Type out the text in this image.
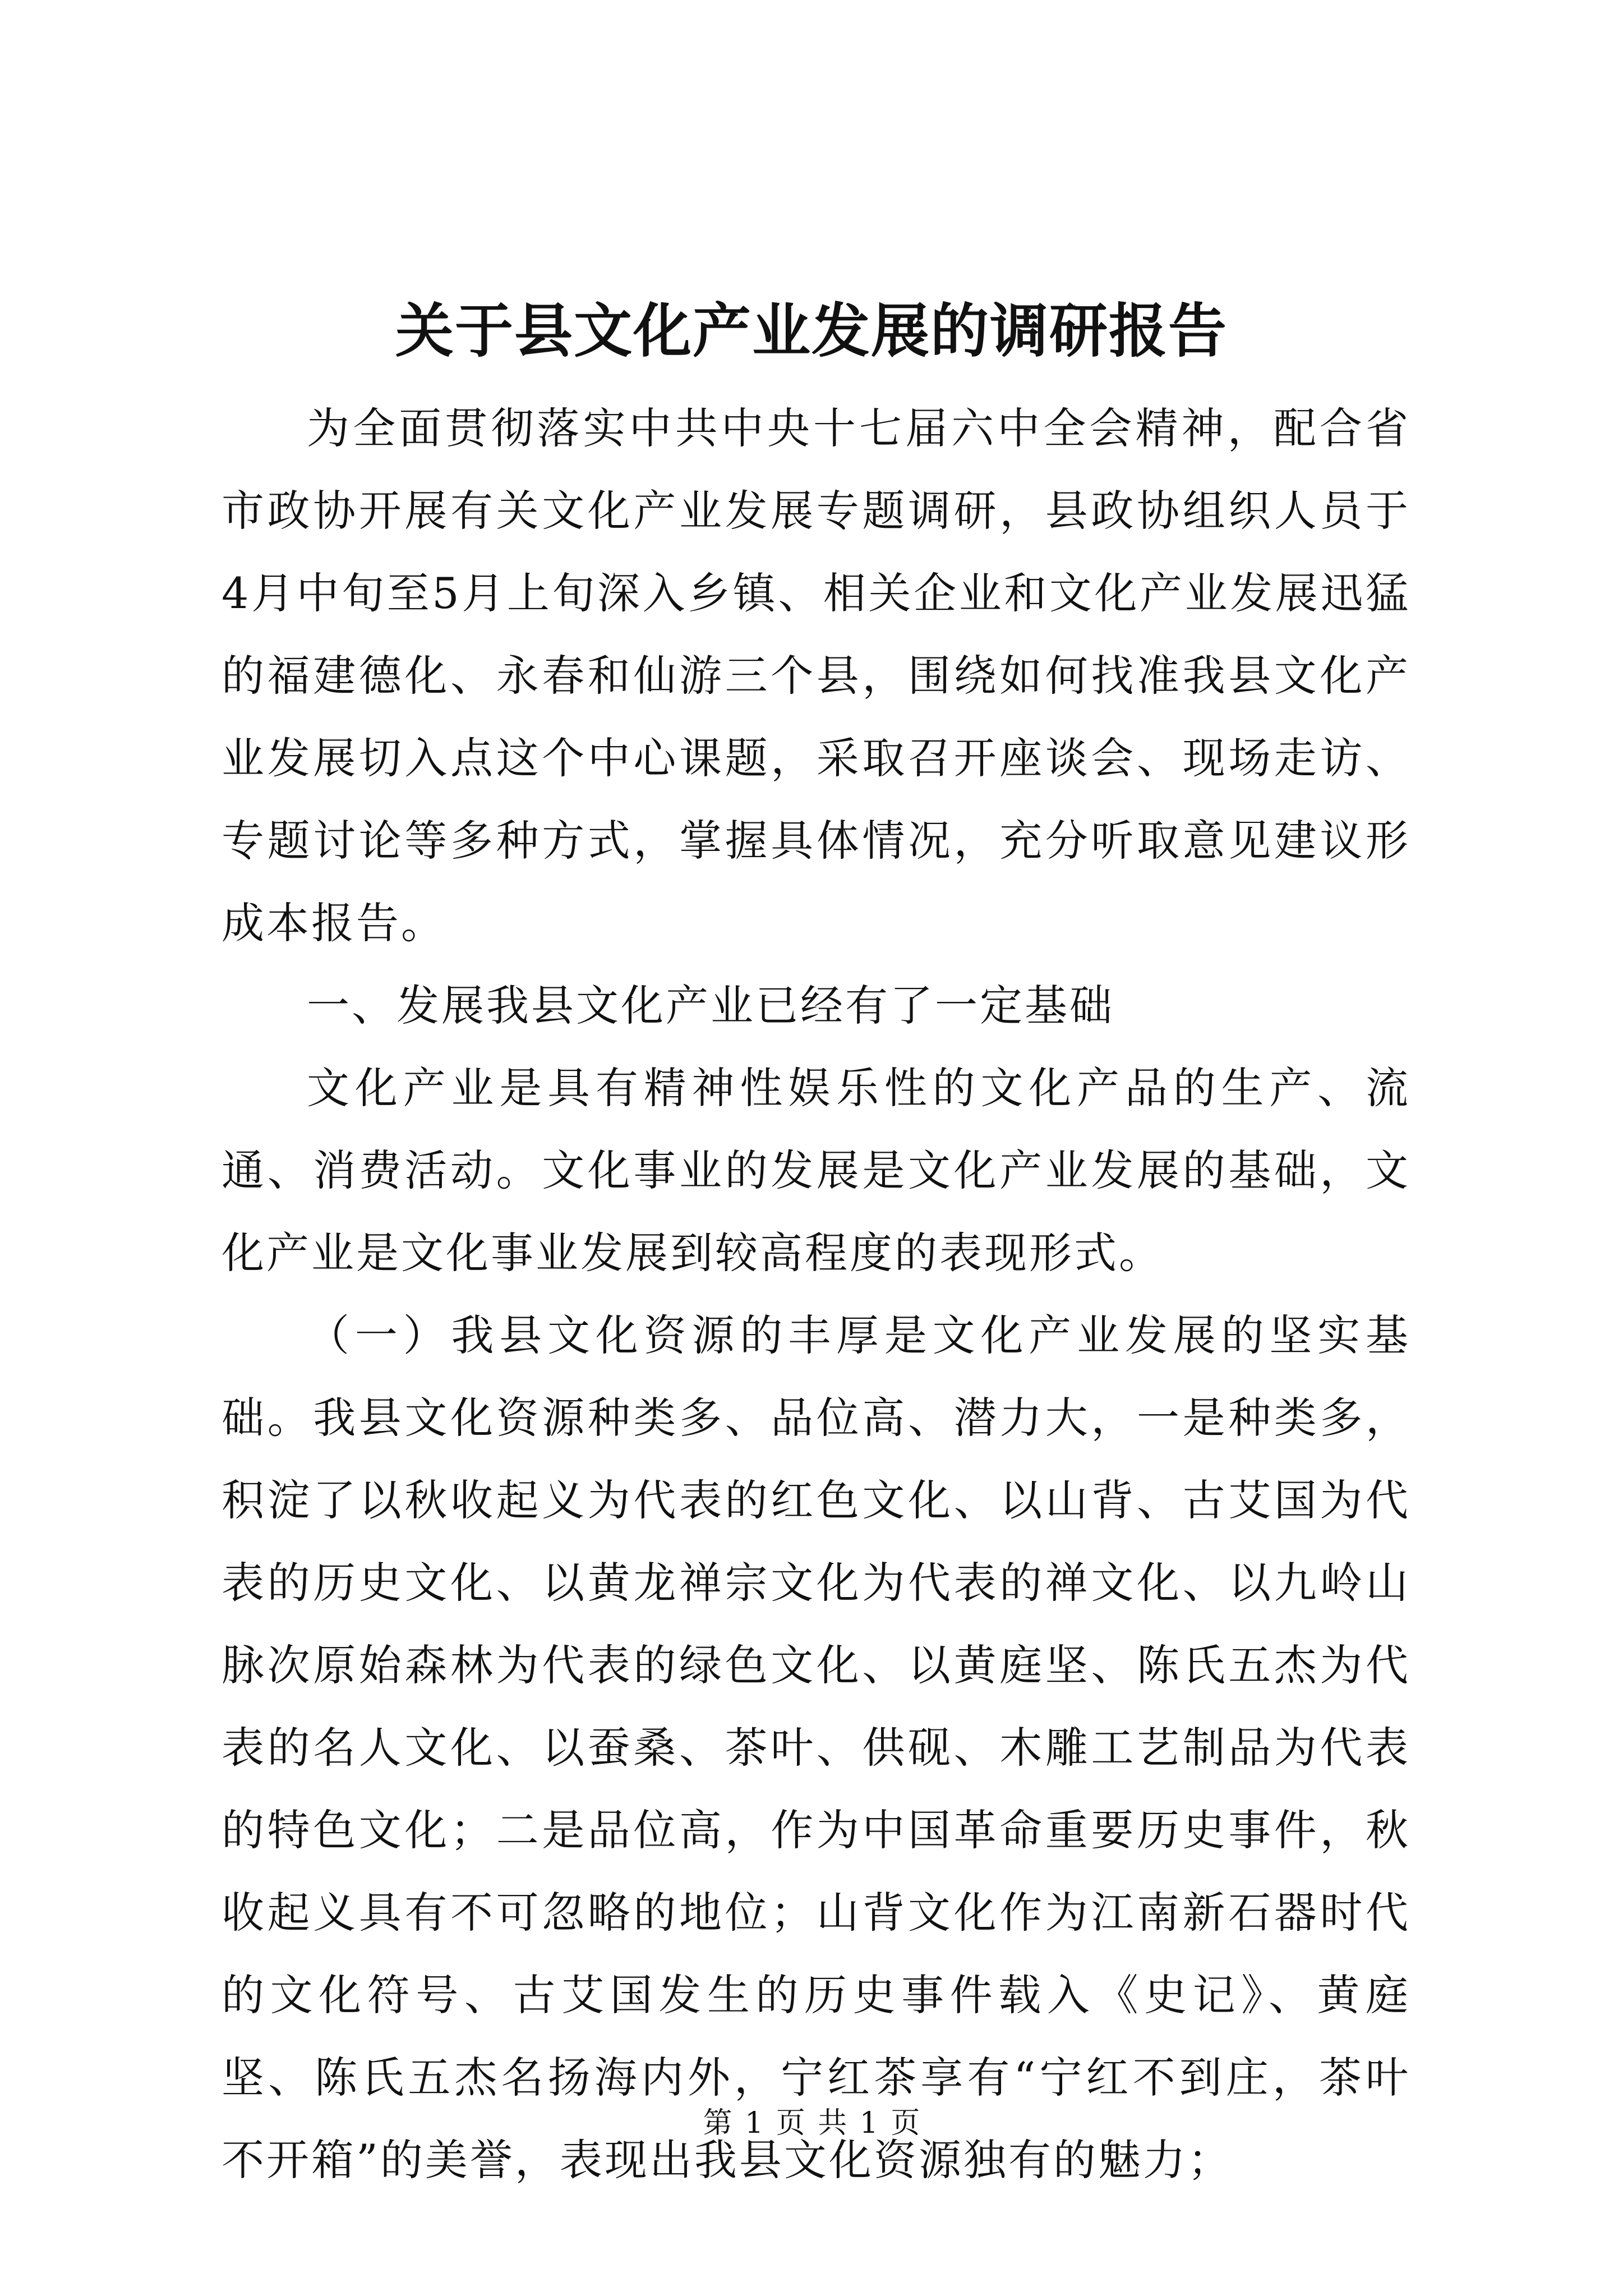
关于县文化产业发展的调研报告

为全面贯彻落实中共中央十七届六中全会精神，配合省市政协开展有关文化产业发展专题调研，县政协组织人员于4月中旬至5月上旬深入乡镇、相关企业和文化产业发展迅猛的福建德化、永春和仙游三个县，围绕如何找准我县文化产业发展切入点这个中心课题，采取召开座谈会、现场走访、专题讨论等多种方式，掌握具体情况，充分听取意见建议形成本报告。

一、发展我县文化产业已经有了一定基础

文化产业是具有精神性娱乐性的文化产品的生产、流通、消费活动。文化事业的发展是文化产业发展的基础，文化产业是文化事业发展到较高程度的表现形式。

（一）我县文化资源的丰厚是文化产业发展的坚实基础。我县文化资源种类多、品位高、潜力大，一是种类多，积淀了以秋收起义为代表的红色文化、以山背、古艾国为代表的历史文化、以黄龙禅宗文化为代表的禅文化、以九岭山脉次原始森林为代表的绿色文化、以黄庭坚、陈氏五杰为代表的名人文化、以蚕桑、茶叶、供砚、木雕工艺制品为代表的特色文化；二是品位高，作为中国革命重要历史事件，秋收起义具有不可忽略的地位；山背文化作为江南新石器时代的文化符号、古艾国发生的历史事件载入《史记》、黄庭坚、陈氏五杰名扬海内外，宁红茶享有“宁红不到庄，茶叶不开箱”的美誉，表现出我县文化资源独有的魅力；

第 1 页 共 1 页
